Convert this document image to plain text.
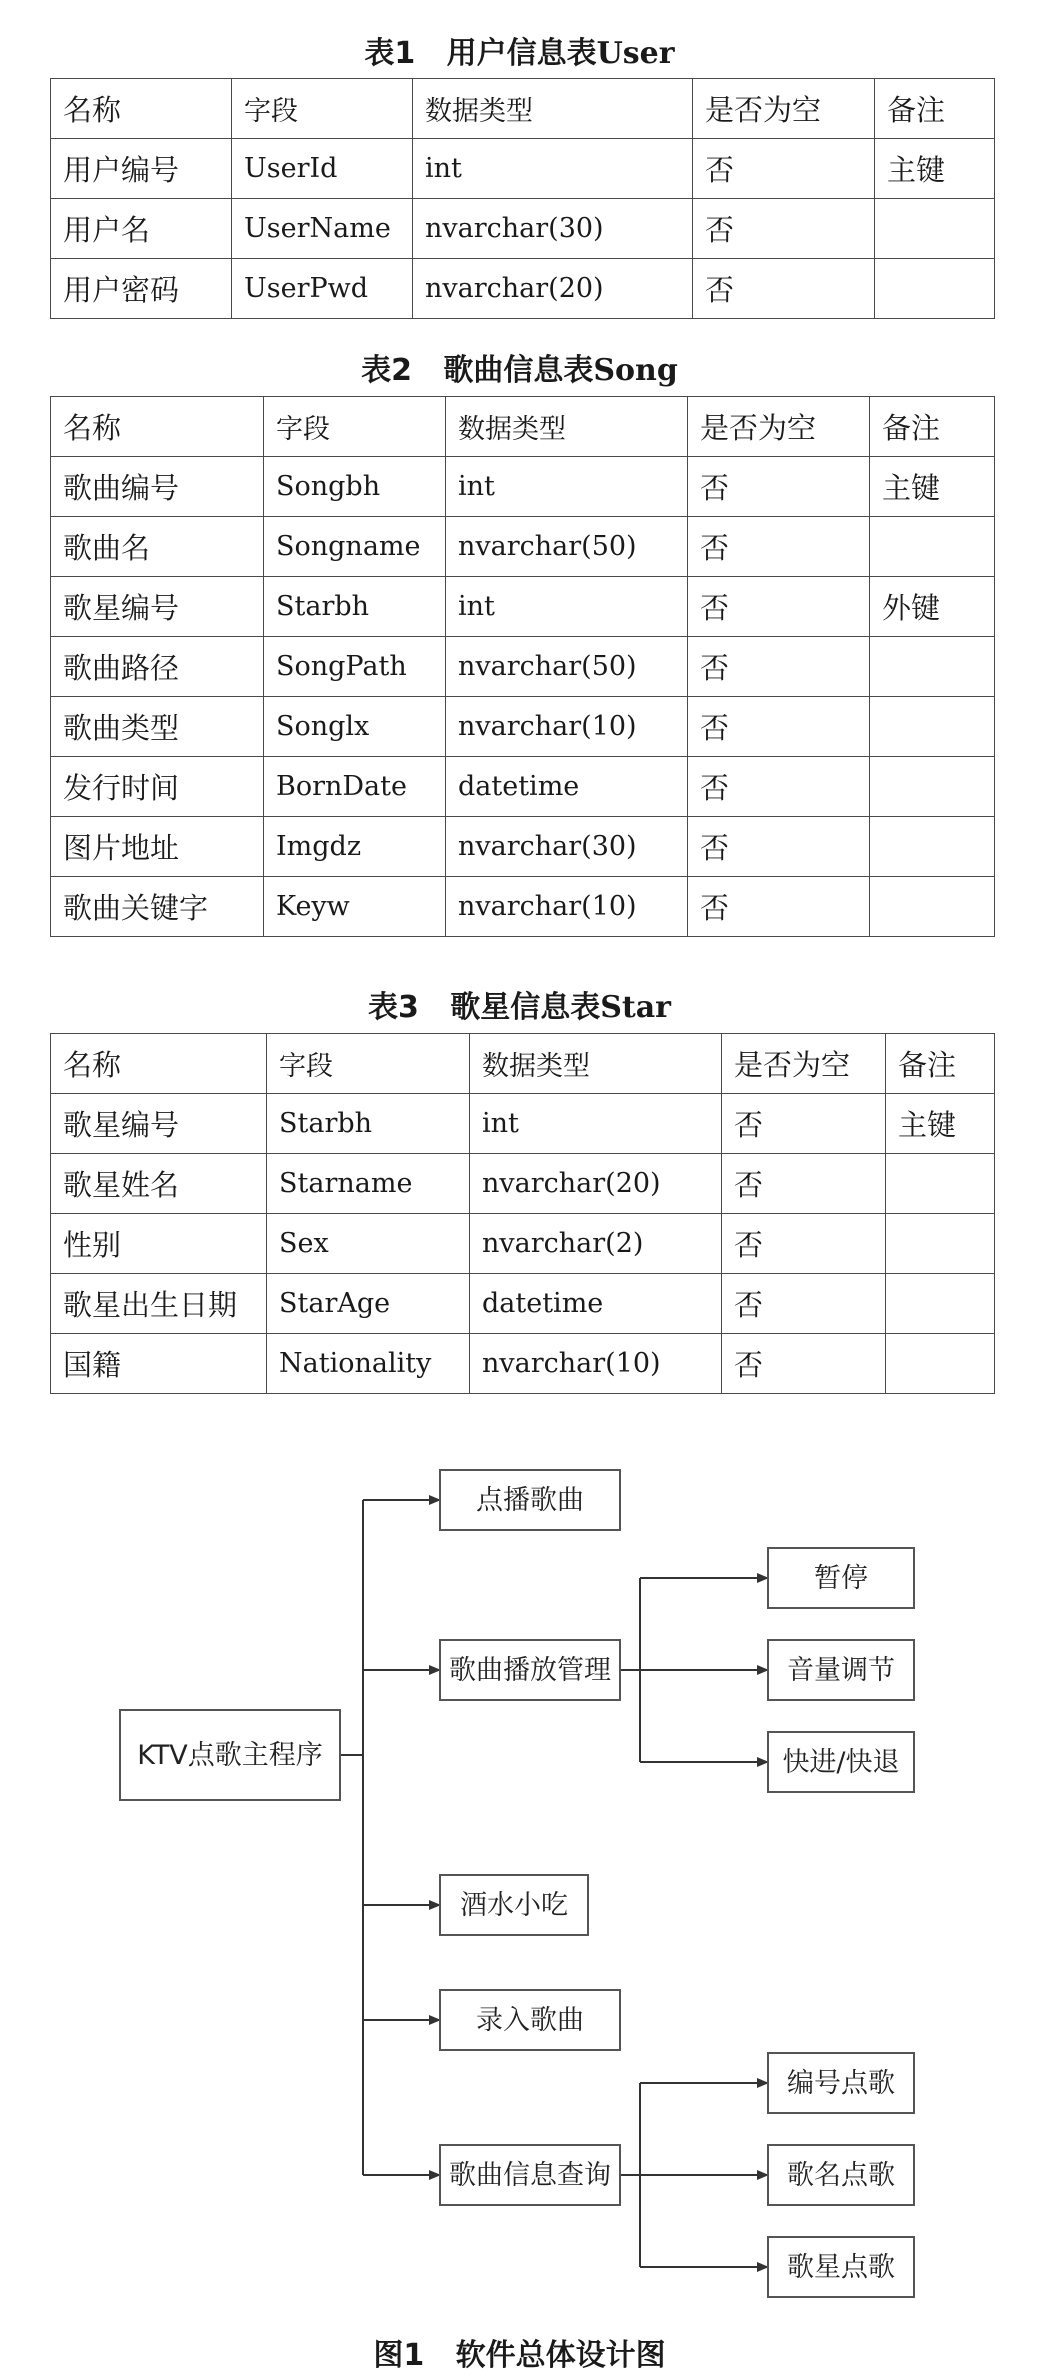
表1 用户信息表User
名称	字段	数据类型	是否为空	备注
用户编号	UserId	int	否	主键
用户名	UserName	nvarchar(30)	否	
用户密码	UserPwd	nvarchar(20)	否	
表2 歌曲信息表Song
名称	字段	数据类型	是否为空	备注
歌曲编号	Songbh	int	否	主键
歌曲名	Songname	nvarchar(50)	否	
歌星编号	Starbh	int	否	外键
歌曲路径	SongPath	nvarchar(50)	否	
歌曲类型	Songlx	nvarchar(10)	否	
发行时间	BornDate	datetime	否	
图片地址	Imgdz	nvarchar(30)	否	
歌曲关键字	Keyw	nvarchar(10)	否	
表3 歌星信息表Star
名称	字段	数据类型	是否为空	备注
歌星编号	Starbh	int	否	主键
歌星姓名	Starname	nvarchar(20)	否	
性别	Sex	nvarchar(2)	否	
歌星出生日期	StarAge	datetime	否	
国籍	Nationality	nvarchar(10)	否	
KTV点歌主程序
点播歌曲
歌曲播放管理
暂停
音量调节
快进/快退
酒水小吃
录入歌曲
歌曲信息查询
编号点歌
歌名点歌
歌星点歌
图1 软件总体设计图
